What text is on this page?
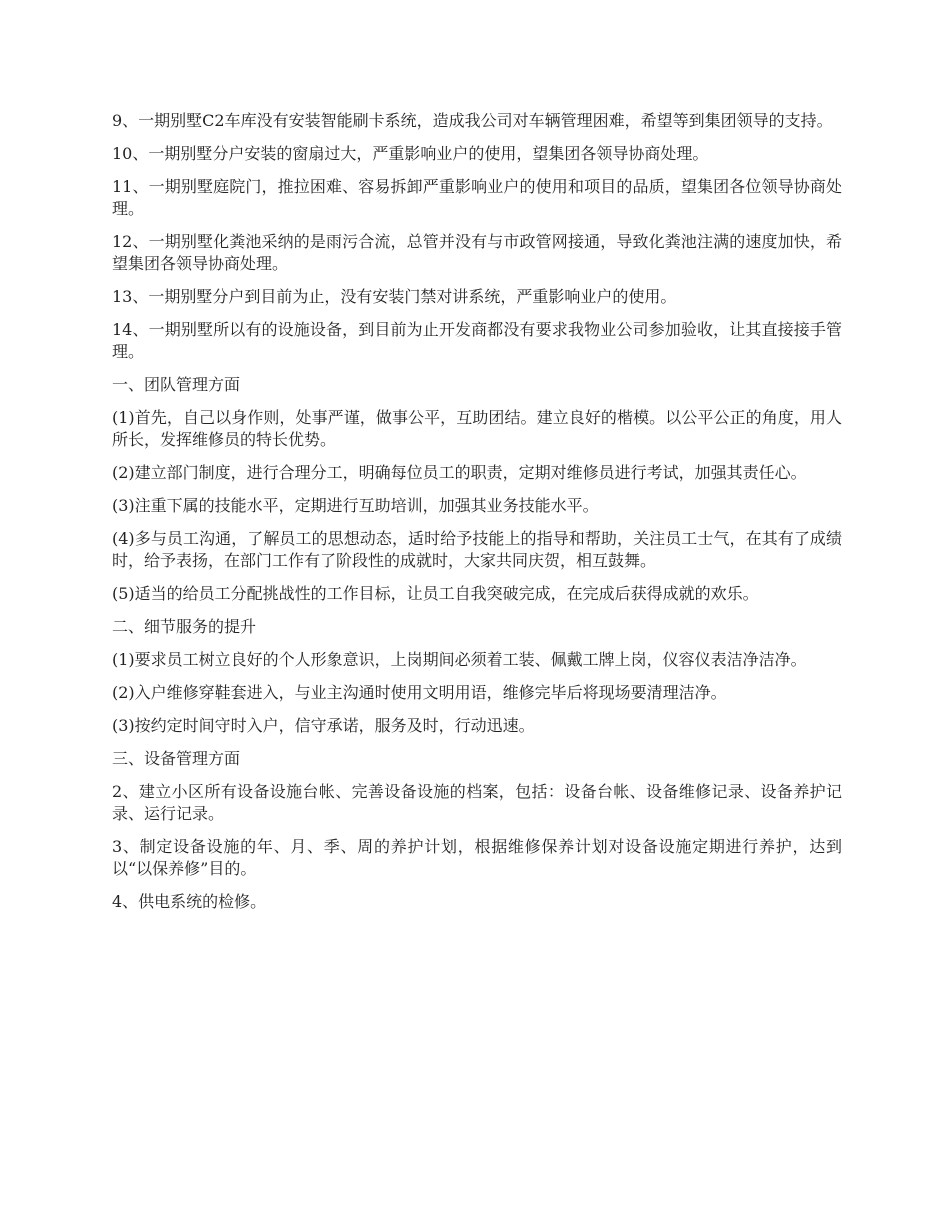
9、一期别墅C2车库没有安装智能刷卡系统，造成我公司对车辆管理困难，希望等到集团领导的支持。

10、一期别墅分户安装的窗扇过大，严重影响业户的使用，望集团各领导协商处理。

11、一期别墅庭院门，推拉困难、容易拆卸严重影响业户的使用和项目的品质，望集团各位领导协商处理。

12、一期别墅化粪池采纳的是雨污合流，总管并没有与市政管网接通，导致化粪池注满的速度加快，希望集团各领导协商处理。

13、一期别墅分户到目前为止，没有安装门禁对讲系统，严重影响业户的使用。

14、一期别墅所以有的设施设备，到目前为止开发商都没有要求我物业公司参加验收，让其直接接手管理。

一、团队管理方面

(1)首先，自己以身作则，处事严谨，做事公平，互助团结。建立良好的楷模。以公平公正的角度，用人所长，发挥维修员的特长优势。

(2)建立部门制度，进行合理分工，明确每位员工的职责，定期对维修员进行考试，加强其责任心。

(3)注重下属的技能水平，定期进行互助培训，加强其业务技能水平。

(4)多与员工沟通，了解员工的思想动态，适时给予技能上的指导和帮助，关注员工士气，在其有了成绩时，给予表扬，在部门工作有了阶段性的成就时，大家共同庆贺，相互鼓舞。

(5)适当的给员工分配挑战性的工作目标，让员工自我突破完成，在完成后获得成就的欢乐。

二、细节服务的提升

(1)要求员工树立良好的个人形象意识，上岗期间必须着工装、佩戴工牌上岗，仪容仪表洁净洁净。

(2)入户维修穿鞋套进入，与业主沟通时使用文明用语，维修完毕后将现场要清理洁净。

(3)按约定时间守时入户，信守承诺，服务及时，行动迅速。

三、设备管理方面

2、建立小区所有设备设施台帐、完善设备设施的档案，包括：设备台帐、设备维修记录、设备养护记录、运行记录。

3、制定设备设施的年、月、季、周的养护计划，根据维修保养计划对设备设施定期进行养护，达到以“以保养修”目的。

4、供电系统的检修。
